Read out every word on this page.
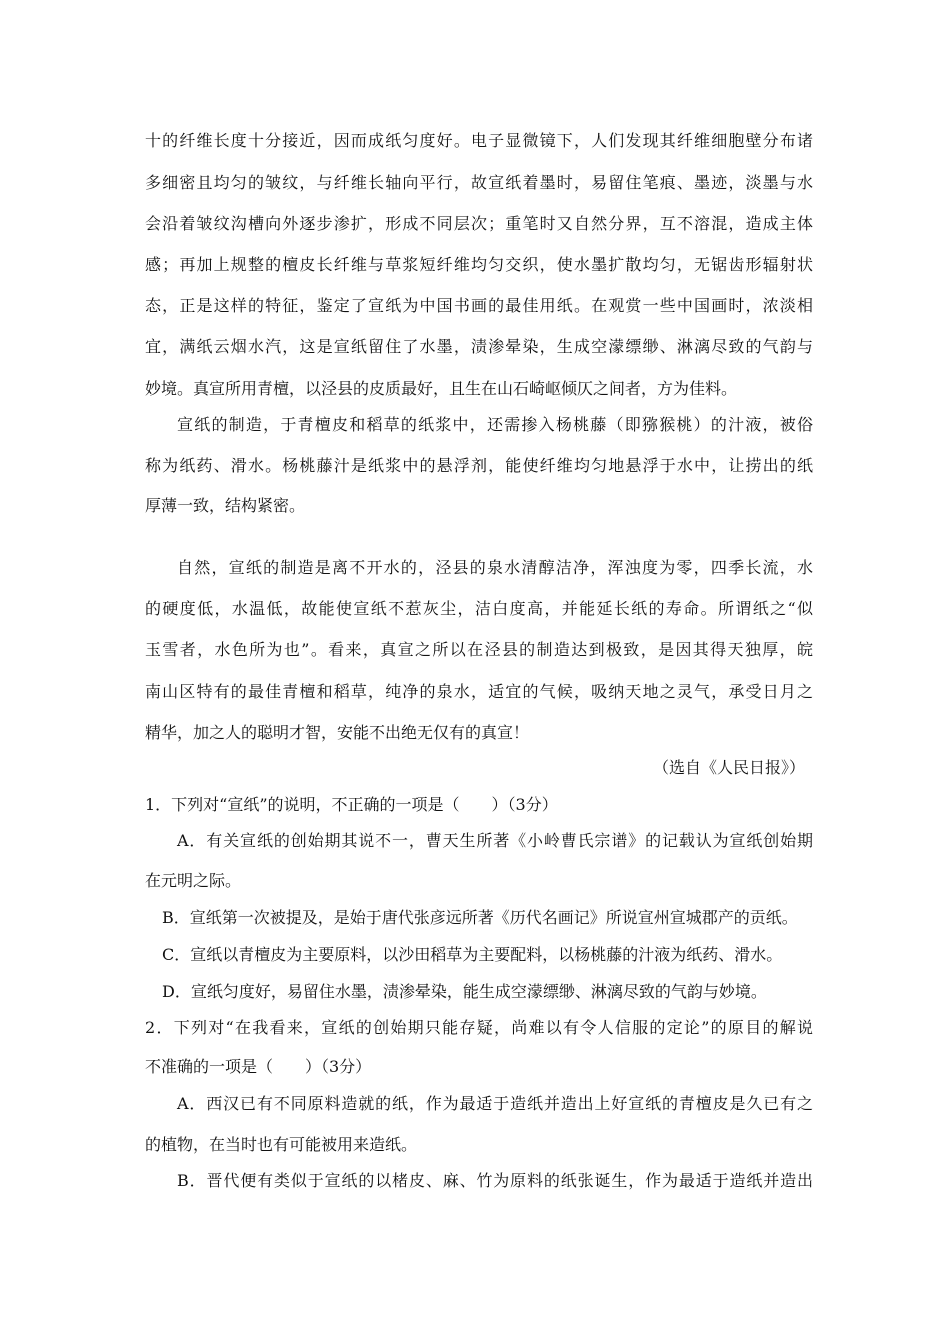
十的纤维长度十分接近，因而成纸匀度好。电子显微镜下，人们发现其纤维细胞壁分布诸
多细密且均匀的皱纹，与纤维长轴向平行，故宣纸着墨时，易留住笔痕、墨迹，淡墨与水
会沿着皱纹沟槽向外逐步渗扩，形成不同层次；重笔时又自然分界，互不溶混，造成主体
感；再加上规整的檀皮长纤维与草浆短纤维均匀交织，使水墨扩散均匀，无锯齿形辐射状
态，正是这样的特征，鉴定了宣纸为中国书画的最佳用纸。在观赏一些中国画时，浓淡相
宜，满纸云烟水汽，这是宣纸留住了水墨，渍渗晕染，生成空濛缥缈、淋漓尽致的气韵与
妙境。真宣所用青檀，以泾县的皮质最好，且生在山石崎岖倾仄之间者，方为佳料。
宣纸的制造，于青檀皮和稻草的纸浆中，还需掺入杨桃藤（即猕猴桃）的汁液，被俗
称为纸药、滑水。杨桃藤汁是纸浆中的悬浮剂，能使纤维均匀地悬浮于水中，让捞出的纸
厚薄一致，结构紧密。
自然，宣纸的制造是离不开水的，泾县的泉水清醇洁净，浑浊度为零，四季长流，水
的硬度低，水温低，故能使宣纸不惹灰尘，洁白度高，并能延长纸的寿命。所谓纸之“似
玉雪者，水色所为也”。看来，真宣之所以在泾县的制造达到极致，是因其得天独厚，皖
南山区特有的最佳青檀和稻草，纯净的泉水，适宜的气候，吸纳天地之灵气，承受日月之
精华，加之人的聪明才智，安能不出绝无仅有的真宣！
（选自《人民日报》）
1．下列对“宣纸”的说明，不正确的一项是（　　）（3分）
A．有关宣纸的创始期其说不一，曹天生所著《小岭曹氏宗谱》的记载认为宣纸创始期
在元明之际。
B．宣纸第一次被提及，是始于唐代张彦远所著《历代名画记》所说宣州宣城郡产的贡纸。
C．宣纸以青檀皮为主要原料，以沙田稻草为主要配料，以杨桃藤的汁液为纸药、滑水。
D．宣纸匀度好，易留住水墨，渍渗晕染，能生成空濛缥缈、淋漓尽致的气韵与妙境。
2．下列对“在我看来，宣纸的创始期只能存疑，尚难以有令人信服的定论”的原目的解说
不准确的一项是（　　）（3分）
A．西汉已有不同原料造就的纸，作为最适于造纸并造出上好宣纸的青檀皮是久已有之
的植物，在当时也有可能被用来造纸。
B．晋代便有类似于宣纸的以楮皮、麻、竹为原料的纸张诞生，作为最适于造纸并造出
